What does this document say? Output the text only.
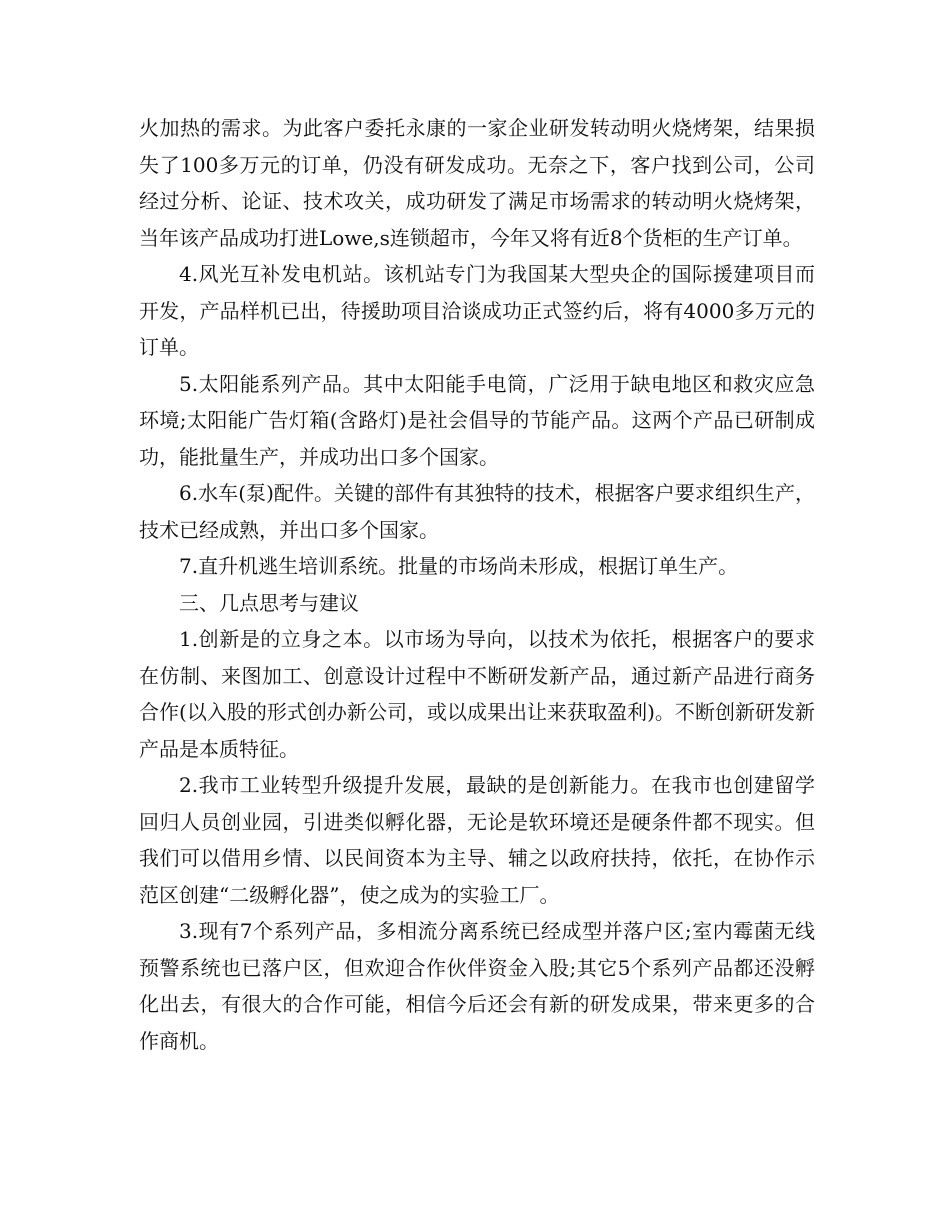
火加热的需求。为此客户委托永康的一家企业研发转动明火烧烤架，结果损失了100多万元的订单，仍没有研发成功。无奈之下，客户找到公司，公司经过分析、论证、技术攻关，成功研发了满足市场需求的转动明火烧烤架，当年该产品成功打进Lowe,s连锁超市，今年又将有近8个货柜的生产订单。

4.风光互补发电机站。该机站专门为我国某大型央企的国际援建项目而开发，产品样机已出，待援助项目洽谈成功正式签约后，将有4000多万元的订单。

5.太阳能系列产品。其中太阳能手电筒，广泛用于缺电地区和救灾应急环境;太阳能广告灯箱(含路灯)是社会倡导的节能产品。这两个产品已研制成功，能批量生产，并成功出口多个国家。

6.水车(泵)配件。关键的部件有其独特的技术，根据客户要求组织生产，技术已经成熟，并出口多个国家。

7.直升机逃生培训系统。批量的市场尚未形成，根据订单生产。

三、几点思考与建议

1.创新是的立身之本。以市场为导向，以技术为依托，根据客户的要求在仿制、来图加工、创意设计过程中不断研发新产品，通过新产品进行商务合作(以入股的形式创办新公司，或以成果出让来获取盈利)。不断创新研发新产品是本质特征。

2.我市工业转型升级提升发展，最缺的是创新能力。在我市也创建留学回归人员创业园，引进类似孵化器，无论是软环境还是硬条件都不现实。但我们可以借用乡情、以民间资本为主导、辅之以政府扶持，依托，在协作示范区创建“二级孵化器”，使之成为的实验工厂。

3.现有7个系列产品，多相流分离系统已经成型并落户区;室内霉菌无线预警系统也已落户区，但欢迎合作伙伴资金入股;其它5个系列产品都还没孵化出去，有很大的合作可能，相信今后还会有新的研发成果，带来更多的合作商机。
